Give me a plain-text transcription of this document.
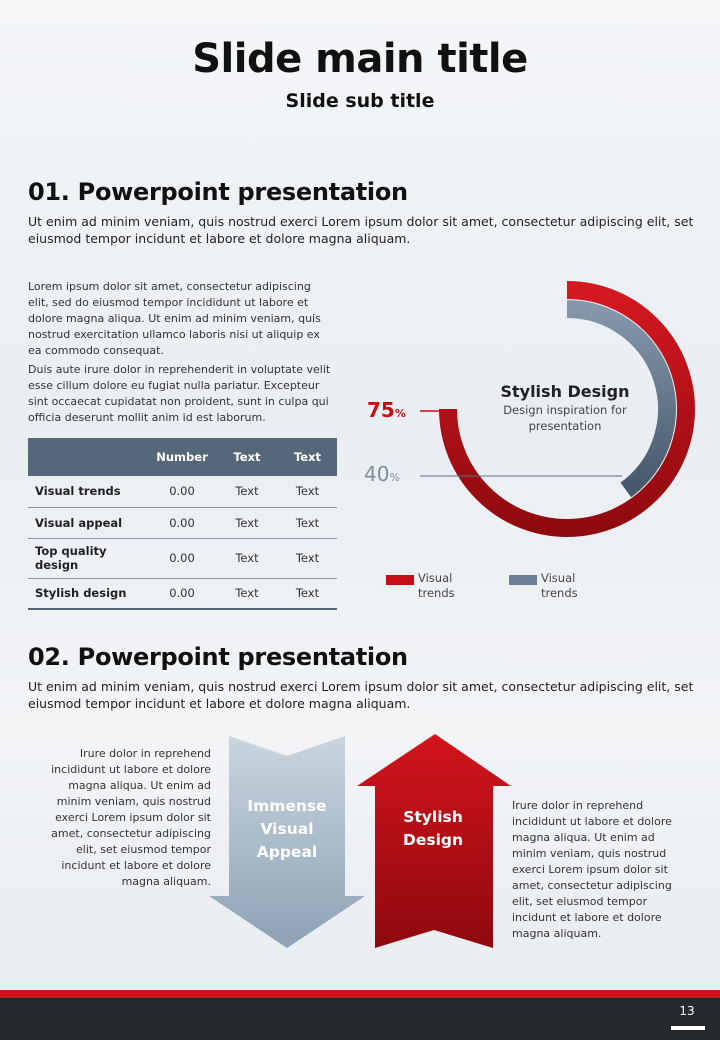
Slide main title
Slide sub title
01. Powerpoint presentation
Ut enim ad minim veniam, quis nostrud exerci Lorem ipsum dolor sit amet, consectetur adipiscing elit, set eiusmod tempor incidunt et labore et dolore magna aliquam.
Lorem ipsum dolor sit amet, consectetur adipiscing elit, sed do eiusmod tempor incididunt ut labore et dolore magna aliqua. Ut enim ad minim veniam, quis nostrud exercitation ullamco laboris nisi ut aliquip ex ea commodo consequat.
Duis aute irure dolor in reprehenderit in voluptate velit esse cillum dolore eu fugiat nulla pariatur. Excepteur sint occaecat cupidatat non proident, sunt in culpa qui officia deserunt mollit anim id est laborum.
	Number	Text	Text
Visual trends	0.00	Text	Text
Visual appeal	0.00	Text	Text
Top quality design	0.00	Text	Text
Stylish design	0.00	Text	Text
75%
40%
Stylish Design
Design inspiration for presentation
Visual trends
Visual trends
02. Powerpoint presentation
Ut enim ad minim veniam, quis nostrud exerci Lorem ipsum dolor sit amet, consectetur adipiscing elit, set eiusmod tempor incidunt et labore et dolore magna aliquam.
Irure dolor in reprehend incididunt ut labore et dolore magna aliqua. Ut enim ad minim veniam, quis nostrud exerci Lorem ipsum dolor sit amet, consectetur adipiscing elit, set eiusmod tempor incidunt et labore et dolore magna aliquam.
Irure dolor in reprehend incididunt ut labore et dolore magna aliqua. Ut enim ad minim veniam, quis nostrud exerci Lorem ipsum dolor sit amet, consectetur adipiscing elit, set eiusmod tempor incidunt et labore et dolore magna aliquam.
Immense Visual Appeal
Stylish Design
13
